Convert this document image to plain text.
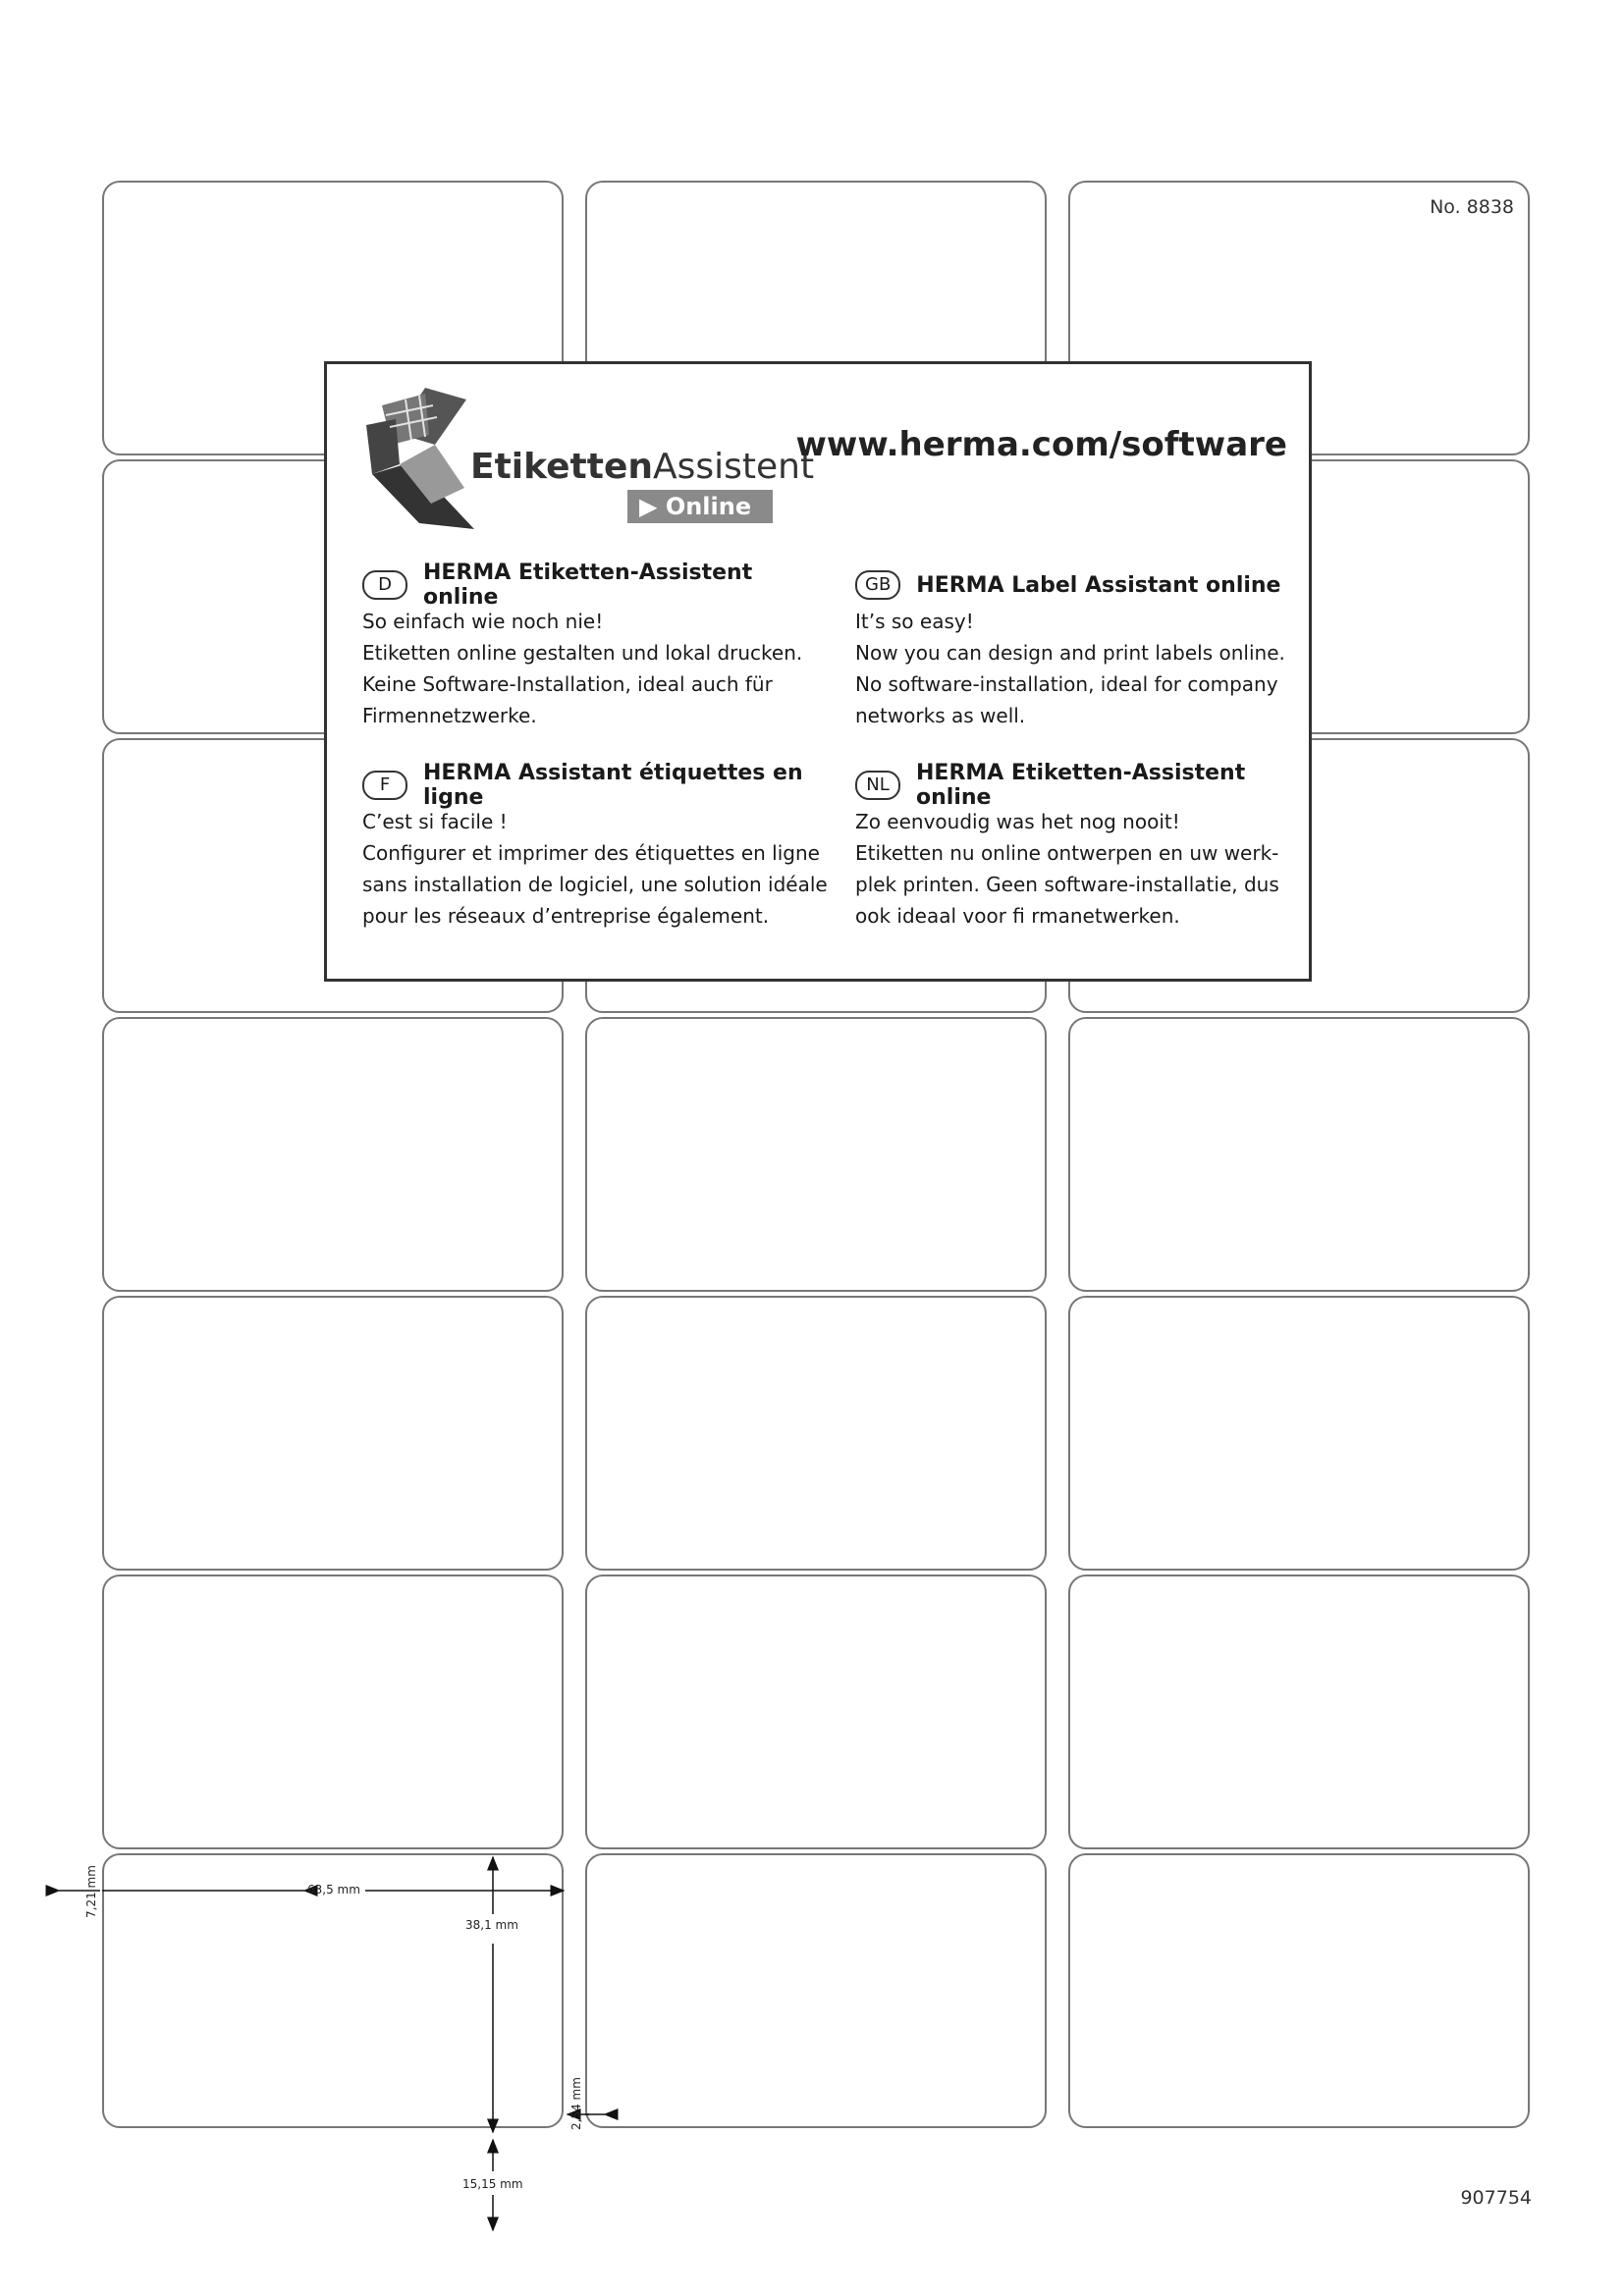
No. 8838
907754
EtikettenAssistent
▶ Online
www.herma.com/software
D	HERMA Etiketten-Assistent online
So einfach wie noch nie!
Etiketten online gestalten und lokal drucken.
Keine Software-Installation, ideal auch für
Firmennetzwerke.
GB	HERMA Label Assistant online
It’s so easy!
Now you can design and print labels online.
No software-installation, ideal for company
networks as well.
F	HERMA Assistant étiquettes en ligne
C’est si facile !
Configurer et imprimer des étiquettes en ligne
sans installation de logiciel, une solution idéale
pour les réseaux d’entreprise également.
NL	HERMA Etiketten-Assistent online
Zo eenvoudig was het nog nooit!
Etiketten nu online ontwerpen en uw werk-
plek printen. Geen software-installatie, dus
ook ideaal voor fi rmanetwerken.
63,5 mm
38,1 mm
7,21 mm
2,54 mm
15,15 mm
